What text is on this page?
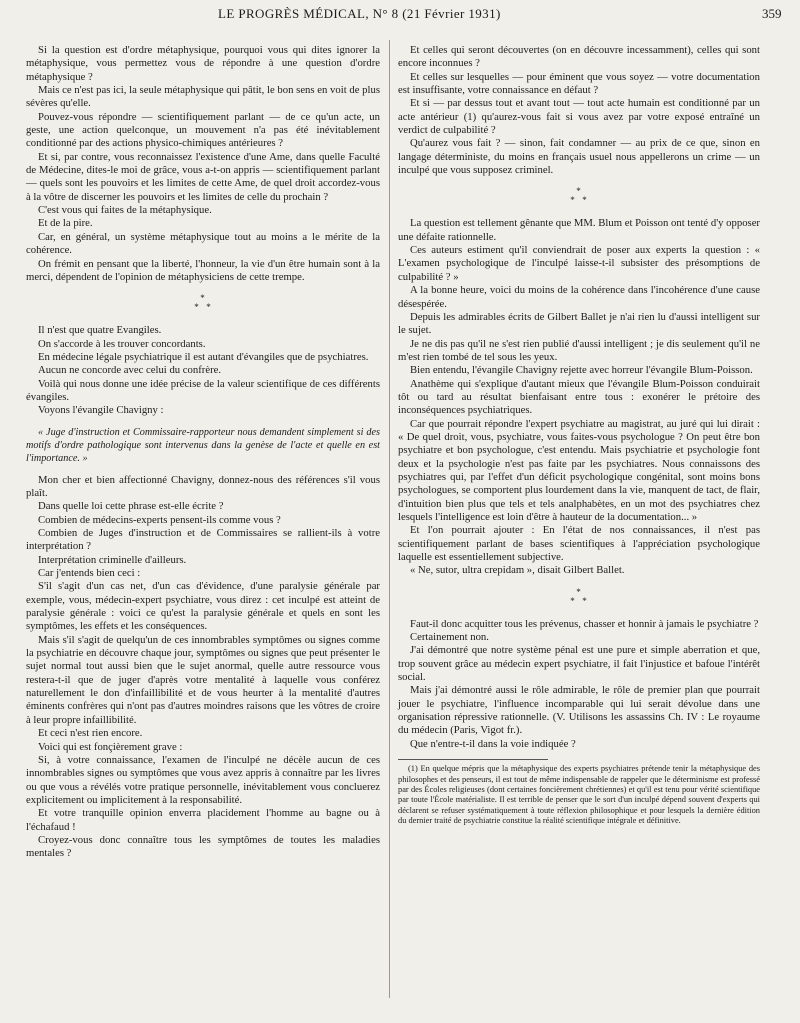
LE PROGRÈS MÉDICAL, N° 8 (21 Février 1931)	359

Si la question est d'ordre métaphysique, pourquoi vous qui dites ignorer la métaphysique, vous permettez vous de répondre à une question d'ordre métaphysique ?

Mais ce n'est pas ici, la seule métaphysique qui pâtit, le bon sens en voit de plus sévères qu'elle.

Pouvez-vous répondre — scientifiquement parlant — de ce qu'un acte, un geste, une action quelconque, un mouvement n'a pas été inévitablement conditionné par des actions physico-chimiques antérieures ?

Et si, par contre, vous reconnaissez l'existence d'une Ame, dans quelle Faculté de Médecine, dites-le moi de grâce, vous a-t-on appris — scientifiquement parlant — quels sont les pouvoirs et les limites de cette Ame, de quel droit accordez-vous à la vôtre de discerner les pouvoirs et les limites de celle du prochain ?

C'est vous qui faites de la métaphysique.

Et de la pire.

Car, en général, un système métaphysique tout au moins a le mérite de la cohérence.

On frémit en pensant que la liberté, l'honneur, la vie d'un être humain sont à la merci, dépendent de l'opinion de métaphysiciens de cette trempe.

*
* *

Il n'est que quatre Evangiles.

On s'accorde à les trouver concordants.

En médecine légale psychiatrique il est autant d'évangiles que de psychiatres.

Aucun ne concorde avec celui du confrère.

Voilà qui nous donne une idée précise de la valeur scientifique de ces différents évangiles.

Voyons l'évangile Chavigny :

« Juge d'instruction et Commissaire-rapporteur nous demandent simplement si des motifs d'ordre pathologique sont intervenus dans la genèse de l'acte et quelle en est l'importance. »

Mon cher et bien affectionné Chavigny, donnez-nous des références s'il vous plaît.

Dans quelle loi cette phrase est-elle écrite ?

Combien de médecins-experts pensent-ils comme vous ?

Combien de Juges d'instruction et de Commissaires se rallient-ils à votre interprétation ?

Interprétation criminelle d'ailleurs.

Car j'entends bien ceci :

S'il s'agit d'un cas net, d'un cas d'évidence, d'une paralysie générale par exemple, vous, médecin-expert psychiatre, vous direz : cet inculpé est atteint de paralysie générale : voici ce qu'est la paralysie générale et quels en sont les symptômes, les effets et les conséquences.

Mais s'il s'agit de quelqu'un de ces innombrables symptômes ou signes comme la psychiatrie en découvre chaque jour, symptômes ou signes que peut présenter le sujet normal tout aussi bien que le sujet anormal, quelle autre ressource vous restera-t-il que de juger d'après votre mentalité à laquelle vous conférez naturellement le don d'infaillibilité et de vous heurter à la mentalité d'autres éminents confrères qui n'ont pas d'autres moindres raisons que les vôtres de croire à leur propre infaillibilité.

Et ceci n'est rien encore.

Voici qui est fonçièrement grave :

Si, à votre connaissance, l'examen de l'inculpé ne décèle aucun de ces innombrables signes ou symptômes que vous avez appris à connaître par les livres ou que vous a révélés votre pratique personnelle, inévitablement vous concluerez explicitement ou implicitement à la responsabilité.

Et votre tranquille opinion enverra placidement l'homme au bagne ou à l'échafaud !

Croyez-vous donc connaître tous les symptômes de toutes les maladies mentales ?

Et celles qui seront découvertes (on en découvre incessamment), celles qui sont encore inconnues ?

Et celles sur lesquelles — pour éminent que vous soyez — votre documentation est insuffisante, votre connaissance en défaut ?

Et si — par dessus tout et avant tout — tout acte humain est conditionné par un acte antérieur (1) qu'aurez-vous fait si vous avez par votre exposé entraîné un verdict de culpabilité ?

Qu'aurez vous fait ? — sinon, fait condamner — au prix de ce que, sinon en langage déterministe, du moins en français usuel nous appellerons un crime — un inculpé que vous supposez criminel.

*
* *

La question est tellement gênante que MM. Blum et Poisson ont tenté d'y opposer une défaite rationnelle.

Ces auteurs estiment qu'il conviendrait de poser aux experts la question : « L'examen psychologique de l'inculpé laisse-t-il subsister des présomptions de culpabilité ? »

A la bonne heure, voici du moins de la cohérence dans l'incohérence d'une cause désespérée.

Depuis les admirables écrits de Gilbert Ballet je n'ai rien lu d'aussi intelligent sur le sujet.

Je ne dis pas qu'il ne s'est rien publié d'aussi intelligent ; je dis seulement qu'il ne m'est rien tombé de tel sous les yeux.

Bien entendu, l'évangile Chavigny rejette avec horreur l'évangile Blum-Poisson.

Anathème qui s'explique d'autant mieux que l'évangile Blum-Poisson conduirait tôt ou tard au résultat bienfaisant entre tous : exonérer le prétoire des inconséquences psychiatriques.

Car que pourrait répondre l'expert psychiatre au magistrat, au juré qui lui dirait : « De quel droit, vous, psychiatre, vous faites-vous psychologue ? On peut être bon psychiatre et bon psychologue, c'est entendu. Mais psychiatrie et psychologie font deux et la psychologie n'est pas faite par les psychiatres. Nous connaissons des psychiatres qui, par l'effet d'un déficit psychologique congénital, sont moins bons psychologues, se comportent plus lourdement dans la vie, manquent de tact, de flair, d'intuition bien plus que tels et tels analphabètes, en un mot des psychiatres chez lesquels l'intelligence est loin d'être à hauteur de la documentation... »

Et l'on pourrait ajouter : En l'état de nos connaissances, il n'est pas scientifiquement parlant de bases scientifiques à l'appréciation psychologique laquelle est essentiellement subjective.

« Ne, sutor, ultra crepidam », disait Gilbert Ballet.

*
* *

Faut-il donc acquitter tous les prévenus, chasser et honnir à jamais le psychiatre ?

Certainement non.

J'ai démontré que notre système pénal est une pure et simple aberration et que, trop souvent grâce au médecin expert psychiatre, il fait l'injustice et bafoue l'intérêt social.

Mais j'ai démontré aussi le rôle admirable, le rôle de premier plan que pourrait jouer le psychiatre, l'influence incomparable qui lui serait dévolue dans une organisation répressive rationnelle. (V. Utilisons les assassins Ch. IV : Le royaume du médecin (Paris, Vigot fr.).

Que n'entre-t-il dans la voie indiquée ?

(1) En quelque mépris que la métaphysique des experts psychiatres prétende tenir la métaphysique des philosophes et des penseurs, il est tout de même indispensable de rappeler que le déterminisme est professé par des Écoles religieuses (dont certaines foncièrement chrétiennes) et qu'il est tenu pour vérité scientifique par toute l'École matérialiste. Il est terrible de penser que le sort d'un inculpé dépend souvent d'experts qui déclarent se refuser systématiquement à toute réflexion philosophique et pour lesquels la dernière édition du dernier traité de psychiatrie constitue la réalité scientifique intégrale et définitive.
